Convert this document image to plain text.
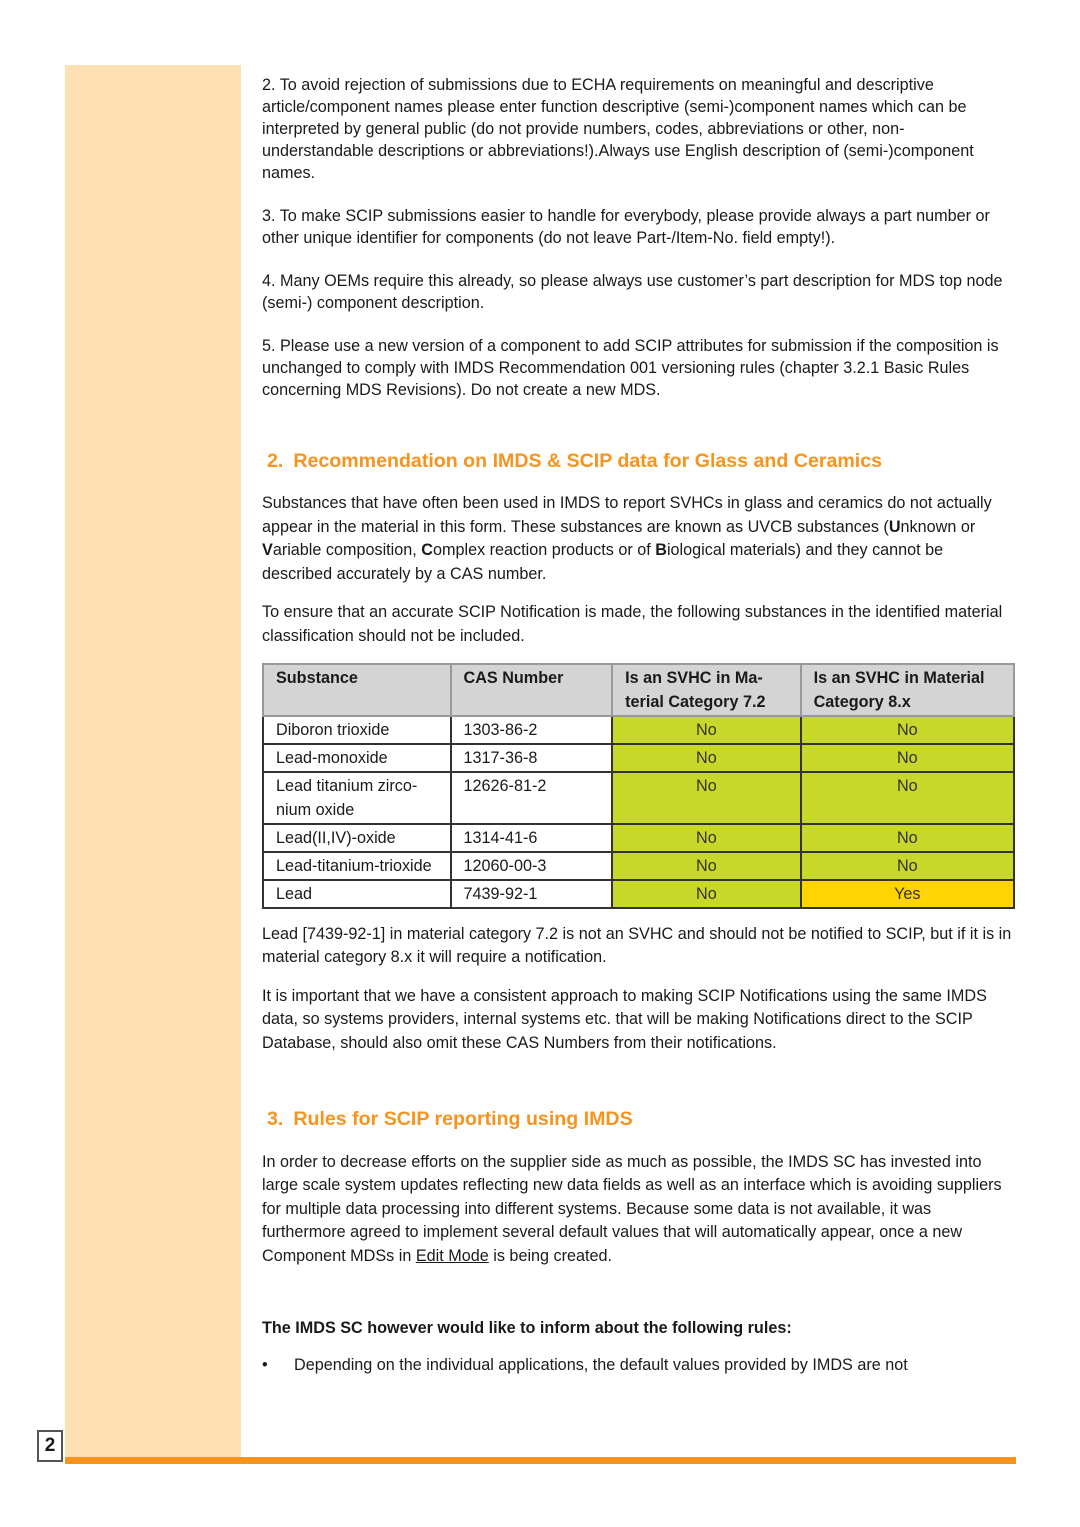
2

2. To avoid rejection of submissions due to ECHA requirements on meaningful and descriptive article/component names please enter function descriptive (semi-)component names which can be interpreted by general public (do not provide numbers, codes, abbreviations or other, non-understandable descriptions or abbreviations!).Always use English description of (semi-)component names.

3. To make SCIP submissions easier to handle for everybody, please provide always a part number or other unique identifier for components (do not leave Part-/Item-No. field empty!).

4. Many OEMs require this already, so please always use customer’s part description for MDS top node (semi-) component description.

5. Please use a new version of a component to add SCIP attributes for submission if the composition is unchanged to comply with IMDS Recommendation 001 versioning rules (chapter 3.2.1 Basic Rules concerning MDS Revisions). Do not create a new MDS.

2. Recommendation on IMDS & SCIP data for Glass and Ceramics

Substances that have often been used in IMDS to report SVHCs in glass and ceramics do not actually appear in the material in this form. These substances are known as UVCB substances (Unknown or Variable composition, Complex reaction products or of Biological materials) and they cannot be described accurately by a CAS number.

To ensure that an accurate SCIP Notification is made, the following substances in the identified material classification should not be included.

Substance	CAS Number	Is an SVHC in Ma-terial Category 7.2	Is an SVHC in Material Category 8.x
Diboron trioxide	1303-86-2	No	No
Lead-monoxide	1317-36-8	No	No
Lead titanium zirco-nium oxide	12626-81-2	No	No
Lead(II,IV)-oxide	1314-41-6	No	No
Lead-titanium-trioxide	12060-00-3	No	No
Lead	7439-92-1	No	Yes

Lead [7439-92-1] in material category 7.2 is not an SVHC and should not be notified to SCIP, but if it is in material category 8.x it will require a notification.

It is important that we have a consistent approach to making SCIP Notifications using the same IMDS data, so systems providers, internal systems etc. that will be making Notifications direct to the SCIP Database, should also omit these CAS Numbers from their notifications.

3. Rules for SCIP reporting using IMDS

In order to decrease efforts on the supplier side as much as possible, the IMDS SC has invested into large scale system updates reflecting new data fields as well as an interface which is avoiding suppliers for multiple data processing into different systems. Because some data is not available, it was furthermore agreed to implement several default values that will automatically appear, once a new Component MDSs in Edit Mode is being created.

The IMDS SC however would like to inform about the following rules:

• Depending on the individual applications, the default values provided by IMDS are not
